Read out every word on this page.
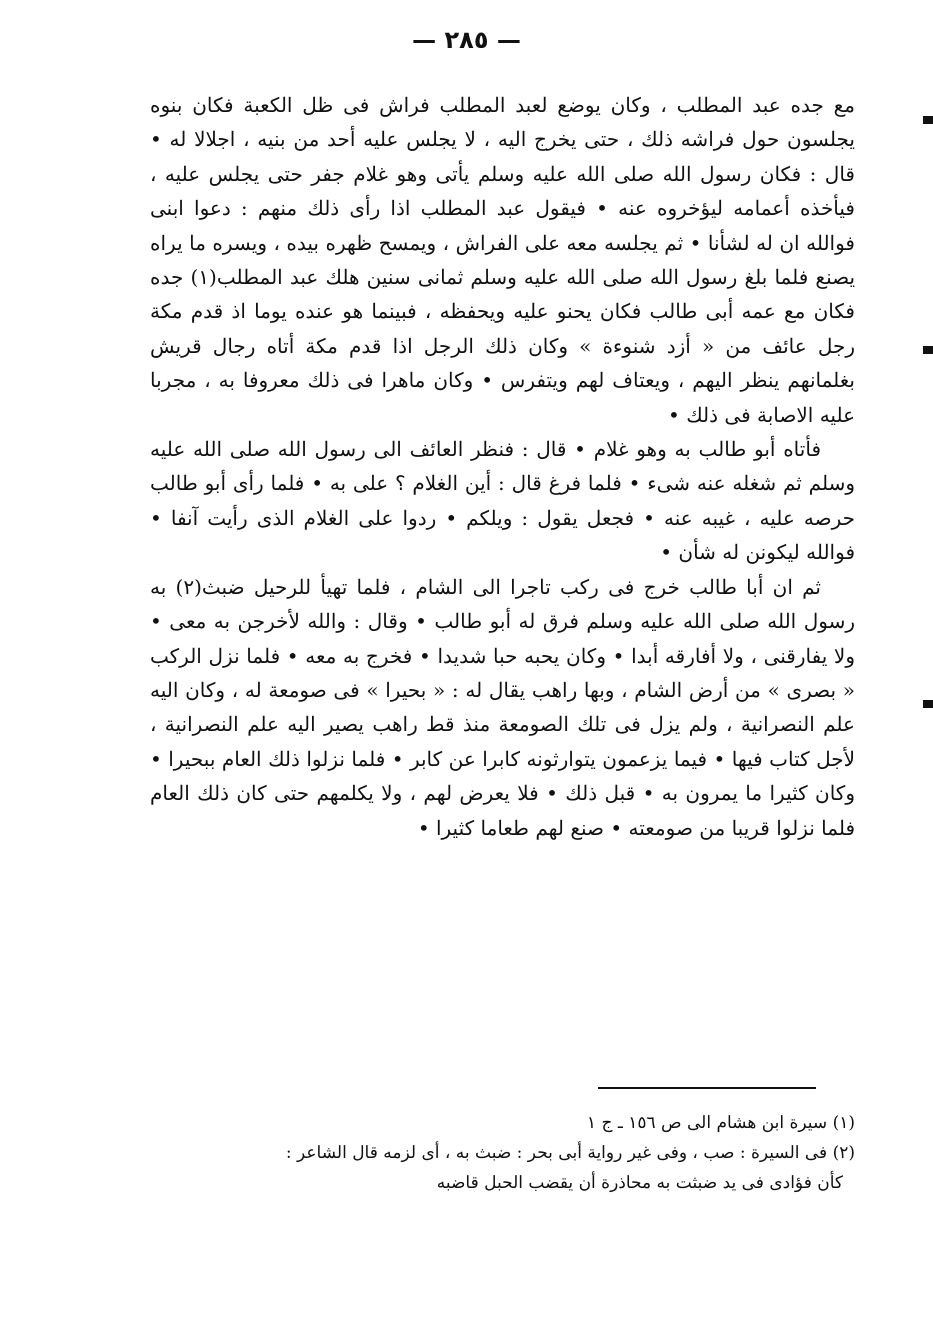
— ٢٨٥ —

مع جده عبد المطلب ، وكان يوضع لعبد المطلب فراش فى ظل الكعبة فكان بنوه يجلسون حول فراشه ذلك ، حتى يخرج اليه ، لا يجلس عليه أحد من بنيه ، اجلالا له • قال : فكان رسول الله صلى الله عليه وسلم يأتى وهو غلام جفر حتى يجلس عليه ، فيأخذه أعمامه ليؤخروه عنه • فيقول عبد المطلب اذا رأى ذلك منهم : دعوا ابنى فوالله ان له لشأنا • ثم يجلسه معه على الفراش ، ويمسح ظهره بيده ، ويسره ما يراه يصنع فلما بلغ رسول الله صلى الله عليه وسلم ثمانى سنين هلك عبد المطلب(١) جده فكان مع عمه أبى طالب فكان يحنو عليه ويحفظه ، فبينما هو عنده يوما اذ قدم مكة رجل عائف من « أزد شنوءة » وكان ذلك الرجل اذا قدم مكة أتاه رجال قريش بغلمانهم ينظر اليهم ، ويعتاف لهم ويتفرس • وكان ماهرا فى ذلك معروفا به ، مجربا عليه الاصابة فى ذلك •

فأتاه أبو طالب به وهو غلام • قال : فنظر العائف الى رسول الله صلى الله عليه وسلم ثم شغله عنه شىء • فلما فرغ قال : أين الغلام ؟ على به • فلما رأى أبو طالب حرصه عليه ، غيبه عنه • فجعل يقول : ويلكم • ردوا على الغلام الذى رأيت آنفا • فوالله ليكونن له شأن •

ثم ان أبا طالب خرج فى ركب تاجرا الى الشام ، فلما تهيأ للرحيل ضبث(٢) به رسول الله صلى الله عليه وسلم فرق له أبو طالب • وقال : والله لأخرجن به معى • ولا يفارقنى ، ولا أفارقه أبدا • وكان يحبه حبا شديدا • فخرج به معه • فلما نزل الركب « بصرى » من أرض الشام ، وبها راهب يقال له : « بحيرا » فى صومعة له ، وكان اليه علم النصرانية ، ولم يزل فى تلك الصومعة منذ قط راهب يصير اليه علم النصرانية ، لأجل كتاب فيها • فيما يزعمون يتوارثونه كابرا عن كابر • فلما نزلوا ذلك العام ببحيرا • وكان كثيرا ما يمرون به • قبل ذلك • فلا يعرض لهم ، ولا يكلمهم حتى كان ذلك العام فلما نزلوا قريبا من صومعته • صنع لهم طعاما كثيرا •

(١) سيرة ابن هشام الى ص ١٥٦ ـ ج ١

(٢) فى السيرة : صب ، وفى غير رواية أبى بحر : ضبث به ، أى لزمه قال الشاعر :

كأن فؤادى فى يد ضبثت به محاذرة أن يقضب الحبل قاضبه
